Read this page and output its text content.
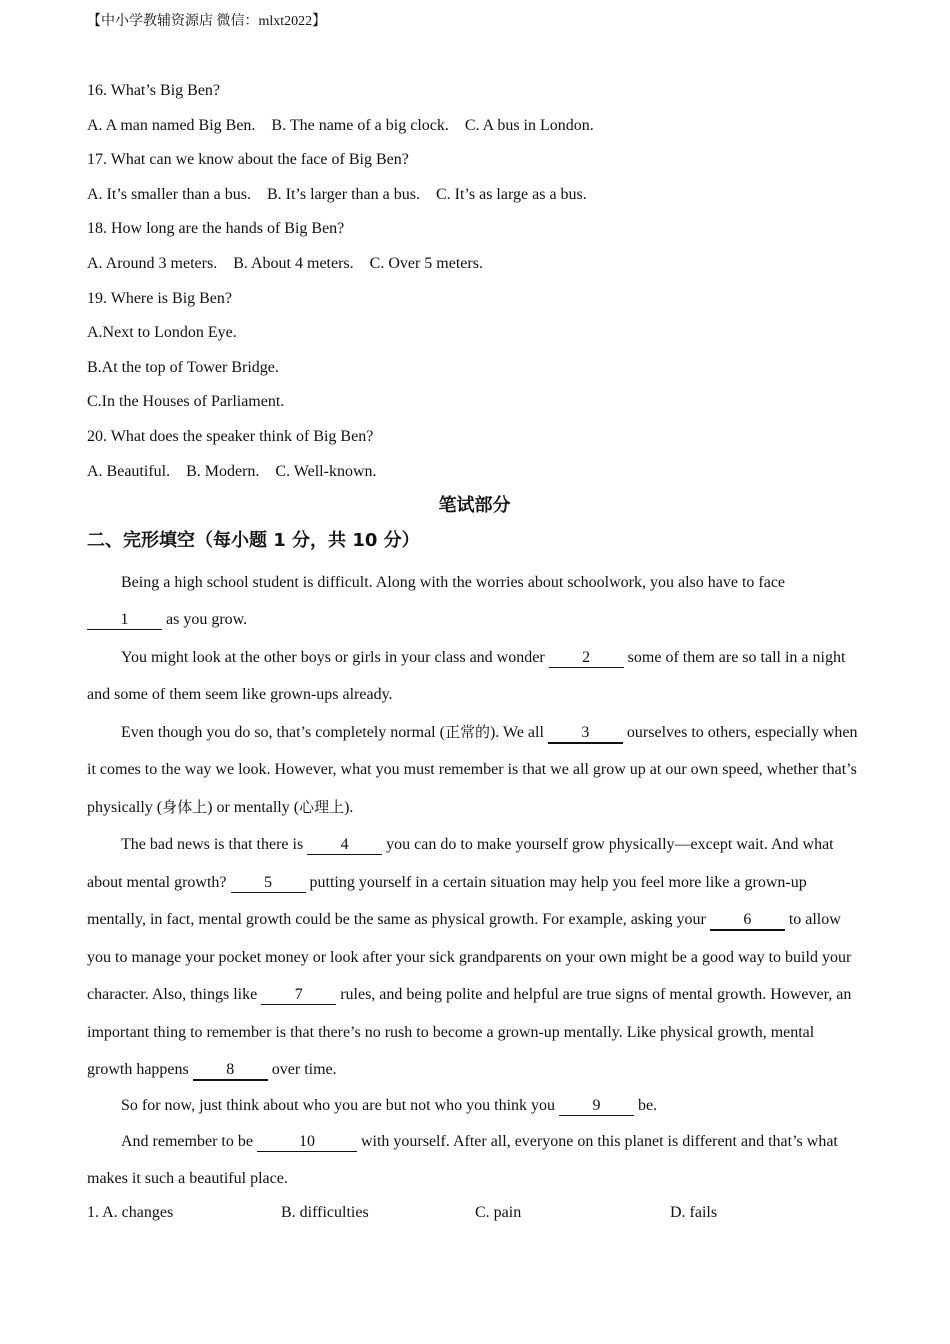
【中小学教辅资源店 微信：mlxt2022】
16. What’s Big Ben?
A. A man named Big Ben.    B. The name of a big clock.    C. A bus in London.
17. What can we know about the face of Big Ben?
A. It’s smaller than a bus.    B. It’s larger than a bus.    C. It’s as large as a bus.
18. How long are the hands of Big Ben?
A. Around 3 meters.    B. About 4 meters.    C. Over 5 meters.
19. Where is Big Ben?
A.Next to London Eye.
B.At the top of Tower Bridge.
C.In the Houses of Parliament.
20. What does the speaker think of Big Ben?
A. Beautiful.    B. Modern.    C. Well-known.
笔试部分
二、完形填空（每小题 1 分，共 10 分）

Being a high school student is difficult. Along with the worries about schoolwork, you also have to face
1 as you grow.

You might look at the other boys or girls in your class and wonder 2 some of them are so tall in a night and some of them seem like grown-ups already.

Even though you do so, that’s completely normal (正常的). We all 3 ourselves to others, especially when it comes to the way we look. However, what you must remember is that we all grow up at our own speed, whether that’s physically (身体上) or mentally (心理上).

The bad news is that there is 4 you can do to make yourself grow physically—except wait. And what about mental growth? 5 putting yourself in a certain situation may help you feel more like a grown-up mentally, in fact, mental growth could be the same as physical growth. For example, asking your 6 to allow you to manage your pocket money or look after your sick grandparents on your own might be a good way to build your character. Also, things like 7 rules, and being polite and helpful are true signs of mental growth. However, an important thing to remember is that there’s no rush to become a grown-up mentally. Like physical growth, mental growth happens 8 over time.

So for now, just think about who you are but not who you think you 9 be.

And remember to be	10	with yourself. After all, everyone on this planet is different and that’s what makes it such a beautiful place.

1. A. changes	B. difficulties	C. pain	D. fails
